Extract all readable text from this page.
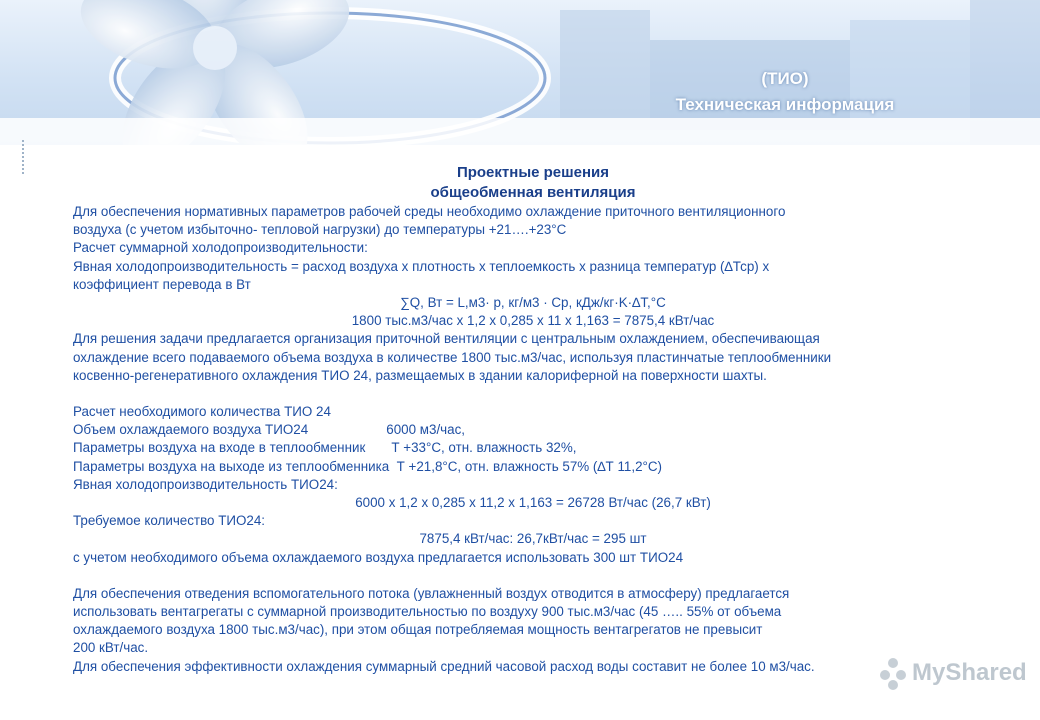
(ТИО)
Техническая информация
Проектные решения
общеобменная вентиляция

Для обеспечения нормативных параметров рабочей среды необходимо охлаждение приточного вентиляционного

воздуха (с учетом избыточно- тепловой нагрузки) до температуры +21….+23°С

Расчет суммарной холодопроизводительности:

Явная холодопроизводительность = расход воздуха х плотность х теплоемкость х разница температур (∆Тср) х

коэффициент перевода в Вт

∑Q, Вт = L,м3· p, кг/м3 · Ср, кДж/кг·K·∆T,°C

1800 тыс.м3/час х 1,2 х 0,285 х 11 х 1,163 = 7875,4 кВт/час

Для решения задачи предлагается организация приточной вентиляции с центральным охлаждением, обеспечивающая

охлаждение всего подаваемого объема воздуха в количестве 1800 тыс.м3/час, используя пластинчатые теплообменники

косвенно-регенеративного охлаждения ТИО 24, размещаемых в здании калориферной на поверхности шахты.

Расчет необходимого количества ТИО 24

Объем охлаждаемого воздуха ТИО24                     6000 м3/час,

Параметры воздуха на входе в теплообменник       Т +33°С, отн. влажность 32%,

Параметры воздуха на выходе из теплообменника  Т +21,8°С, отн. влажность 57% (∆Т 11,2°С)

Явная холодопроизводительность ТИО24:

6000 х 1,2 х 0,285 х 11,2 х 1,163 = 26728 Вт/час (26,7 кВт)

Требуемое количество ТИО24:

7875,4 кВт/час: 26,7кВт/час = 295 шт

с учетом необходимого объема охлаждаемого воздуха предлагается использовать 300 шт ТИО24

Для обеспечения отведения вспомогательного потока (увлажненный воздух отводится в атмосферу) предлагается

использовать вентагрегаты с суммарной производительностью по воздуху 900 тыс.м3/час (45 ….. 55% от объема

охлаждаемого воздуха 1800 тыс.м3/час), при этом общая потребляемая мощность вентагрегатов не превысит

200 кВт/час.

Для обеспечения эффективности охлаждения суммарный средний часовой расход воды составит не более 10 м3/час.	MyShared
